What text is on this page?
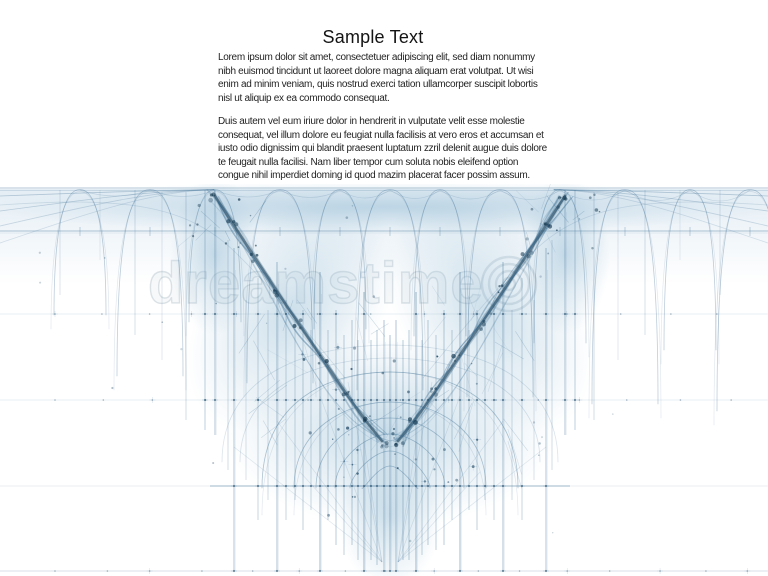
Sample Text

Lorem ipsum dolor sit amet, consectetuer adipiscing elit, sed diam nonummy
nibh euismod tincidunt ut laoreet dolore magna aliquam erat volutpat. Ut wisi
enim ad minim veniam, quis nostrud exerci tation ullamcorper suscipit lobortis
nisl ut aliquip ex ea commodo consequat.

Duis autem vel eum iriure dolor in hendrerit in vulputate velit esse molestie
consequat, vel illum dolore eu feugiat nulla facilisis at vero eros et accumsan et
iusto odio dignissim qui blandit praesent luptatum zzril delenit augue duis dolore
te feugait nulla facilisi. Nam liber tempor cum soluta nobis eleifend option
congue nihil imperdiet doming id quod mazim placerat facer possim assum.
